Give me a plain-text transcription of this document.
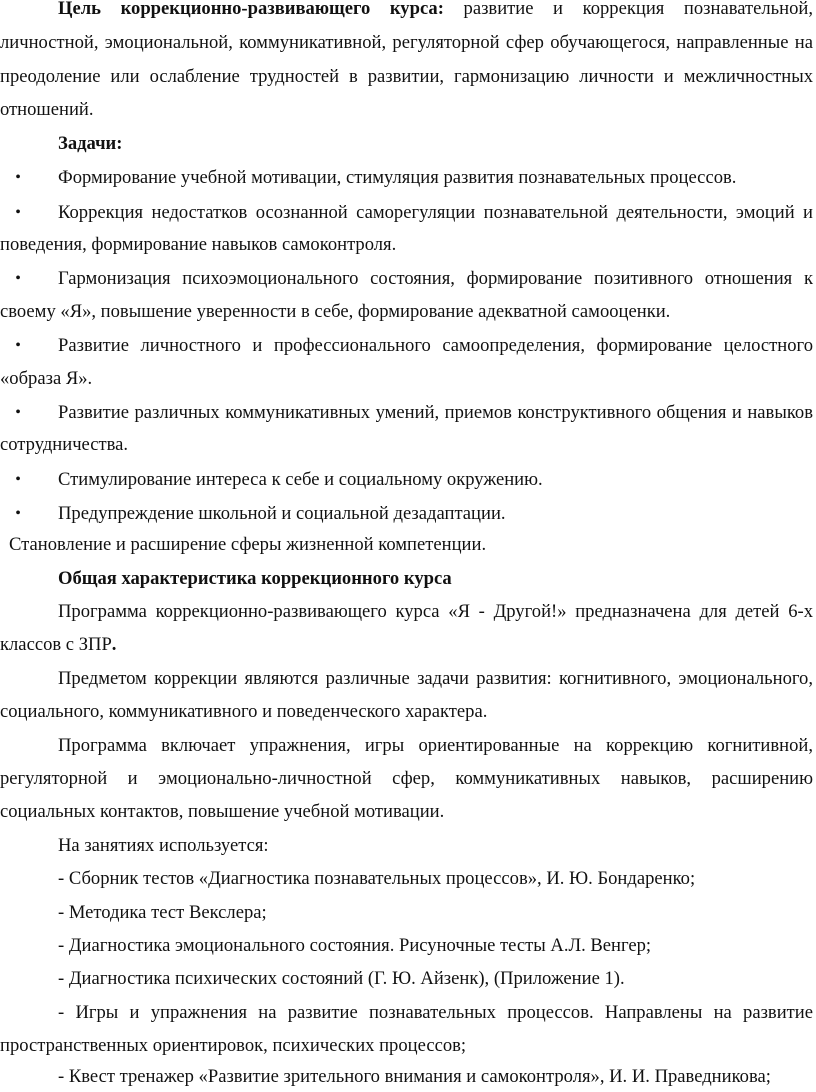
Цель коррекционно-развивающего курса: развитие и коррекция познавательной,
личностной, эмоциональной, коммуникативной, регуляторной сфер обучающегося, направленные на
преодоление или ослабление трудностей в развитии, гармонизацию личности и межличностных
отношений.
Задачи:
• Формирование учебной мотивации, стимуляция развития познавательных процессов.
• Коррекция недостатков осознанной саморегуляции познавательной деятельности, эмоций и
поведения, формирование навыков самоконтроля.
• Гармонизация психоэмоционального состояния, формирование позитивного отношения к
своему «Я», повышение уверенности в себе, формирование адекватной самооценки.
• Развитие личностного и профессионального самоопределения, формирование целостного
«образа Я».
• Развитие различных коммуникативных умений, приемов конструктивного общения и навыков
сотрудничества.
• Стимулирование интереса к себе и социальному окружению.
• Предупреждение школьной и социальной дезадаптации.
Становление и расширение сферы жизненной компетенции.
Общая характеристика коррекционного курса
Программа коррекционно-развивающего курса «Я - Другой!» предназначена для детей 6-х
классов с ЗПР.
Предметом коррекции являются различные задачи развития: когнитивного, эмоционального,
социального, коммуникативного и поведенческого характера.
Программа включает упражнения, игры ориентированные на коррекцию когнитивной,
регуляторной и эмоционально-личностной сфер, коммуникативных навыков, расширению
социальных контактов, повышение учебной мотивации.
На занятиях используется:
- Сборник тестов «Диагностика познавательных процессов», И. Ю. Бондаренко;
- Методика тест Векслера;
- Диагностика эмоционального состояния. Рисуночные тесты А.Л. Венгер;
- Диагностика психических состояний (Г. Ю. Айзенк), (Приложение 1).
- Игры и упражнения на развитие познавательных процессов. Направлены на развитие
пространственных ориентировок, психических процессов;
- Квест тренажер «Развитие зрительного внимания и самоконтроля», И. И. Праведникова;
